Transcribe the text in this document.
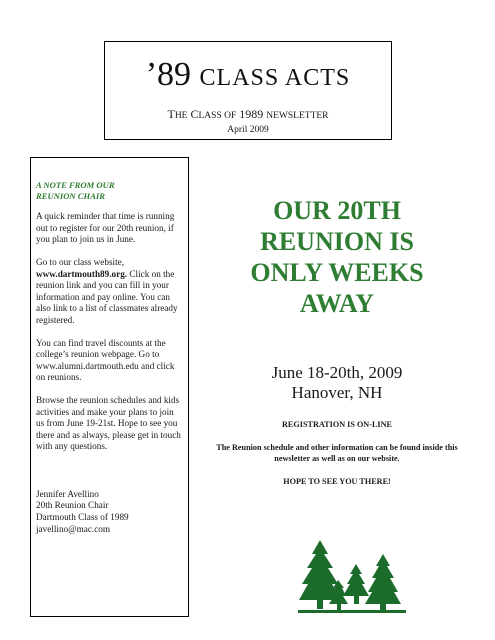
’89 CLASS ACTS
THE CLASS OF 1989 NEWSLETTER
April 2009
A NOTE FROM OUR
REUNION CHAIR

A quick reminder that time is running out to register for our 20th reunion, if you plan to join us in June.

Go to our class website, www.dartmouth89.org. Click on the reunion link and you can fill in your information and pay online. You can also link to a list of classmates already registered.

You can find travel discounts at the college’s reunion webpage. Go to www.alumni.dartmouth.edu and click on reunions.

Browse the reunion schedules and kids activities and make your plans to join us from June 19-21st. Hope to see you there and as always, please get in touch with any questions.

Jennifer Avellino
20th Reunion Chair
Dartmouth Class of 1989
javellino@mac.com
OUR 20TH
REUNION IS
ONLY WEEKS
AWAY
June 18-20th, 2009
Hanover, NH
REGISTRATION IS ON-LINE
The Reunion schedule and other information can be found inside this newsletter as well as on our website.
HOPE TO SEE YOU THERE!
